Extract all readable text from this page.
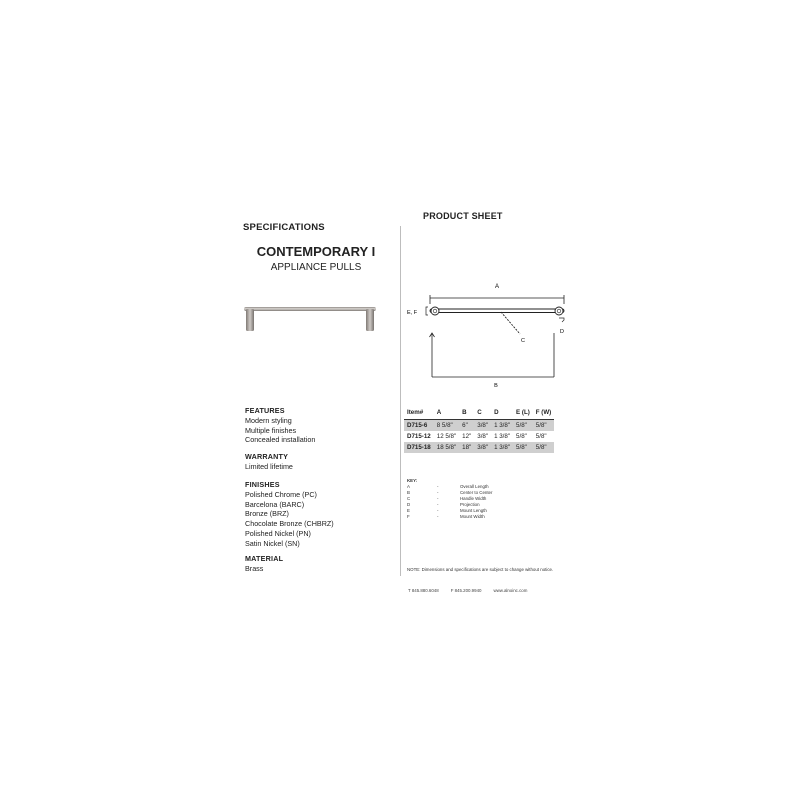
SPECIFICATIONS
PRODUCT SHEET
CONTEMPORARY I
APPLIANCE PULLS
FEATURES
Modern styling
Multiple finishes
Concealed installation
WARRANTY
Limited lifetime
FINISHES
Polished Chrome (PC)
Barcelona (BARC)
Bronze (BRZ)
Chocolate Bronze (CHBRZ)
Polished Nickel (PN)
Satin Nickel (SN)
MATERIAL
Brass
A
E, F
D
C
B
Item#	A	B	C	D	E (L)	F (W)
D715-6	8 5/8"	6"	3/8"	1 3/8"	5/8"	5/8"
D715-12	12 5/8"	12"	3/8"	1 3/8"	5/8"	5/8"
D715-18	18 5/8"	18"	3/8"	1 3/8"	5/8"	5/8"
KEY:
A	-	Overall Length
B	-	Center to Center
C	-	Handle Width
D	-	Projection
E	-	Mount Length
F	-	Mount Width
NOTE: Dimensions and specifications are subject to change without notice.
T 845.880.6048	F 845.200.9940	www.alnoinc.com
